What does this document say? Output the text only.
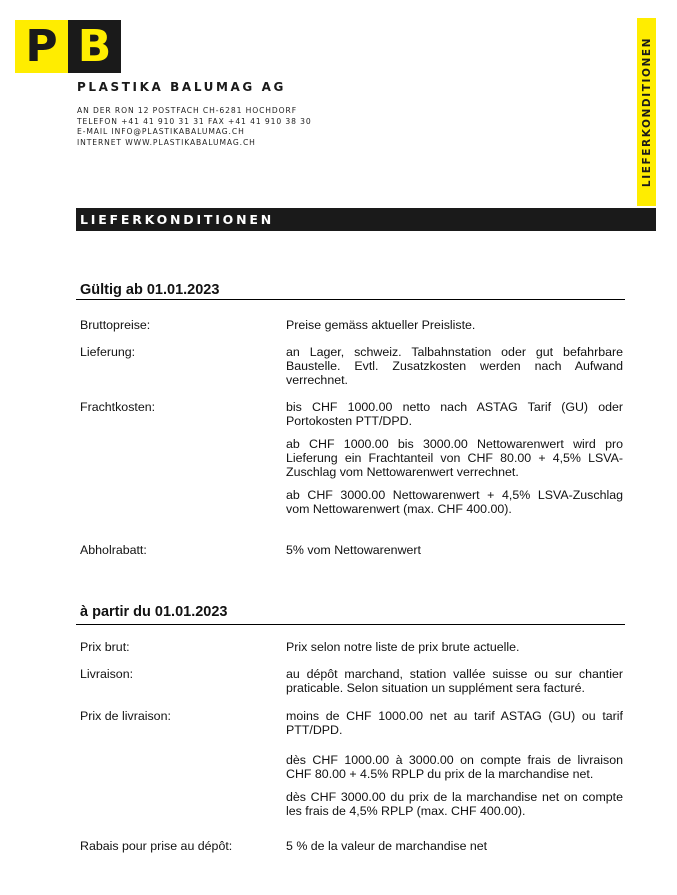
P B
PLASTIKA BALUMAG AG
AN DER RON 12 POSTFACH CH-6281 HOCHDORF
TELEFON +41 41 910 31 31 FAX +41 41 910 38 30
E-MAIL INFO@PLASTIKABALUMAG.CH
INTERNET WWW.PLASTIKABALUMAG.CH	LIEFERKONDITIONEN
LIEFERKONDITIONEN
Gültig ab 01.01.2023
Bruttopreise:	Preise gemäss aktueller Preisliste.

Lieferung:	an Lager, schweiz. Talbahnstation oder gut befahrbare Baustelle. Evtl. Zusatzkosten werden nach Aufwand verrechnet.

Frachtkosten:	bis CHF 1000.00 netto nach ASTAG Tarif (GU) oder Portokosten PTT/DPD.

ab CHF 1000.00 bis 3000.00 Nettowarenwert wird pro Lieferung ein Frachtanteil von CHF 80.00 + 4,5% LSVA-Zuschlag vom Nettowarenwert verrechnet.

ab CHF 3000.00 Nettowarenwert + 4,5% LSVA-Zuschlag vom Nettowarenwert (max. CHF 400.00).

Abholrabatt:	5% vom Nettowarenwert

à partir du 01.01.2023
Prix brut:	Prix selon notre liste de prix brute actuelle.

Livraison:	au dépôt marchand, station vallée suisse ou sur chantier praticable. Selon situation un supplément sera facturé.

Prix de livraison:	moins de CHF 1000.00 net au tarif ASTAG (GU) ou tarif PTT/DPD.

dès CHF 1000.00 à 3000.00 on compte frais de livraison CHF 80.00 + 4.5% RPLP du prix de la marchandise net.

dès CHF 3000.00 du prix de la marchandise net on compte les frais de 4,5% RPLP (max. CHF 400.00).

Rabais pour prise au dépôt:	5 % de la valeur de marchandise net
